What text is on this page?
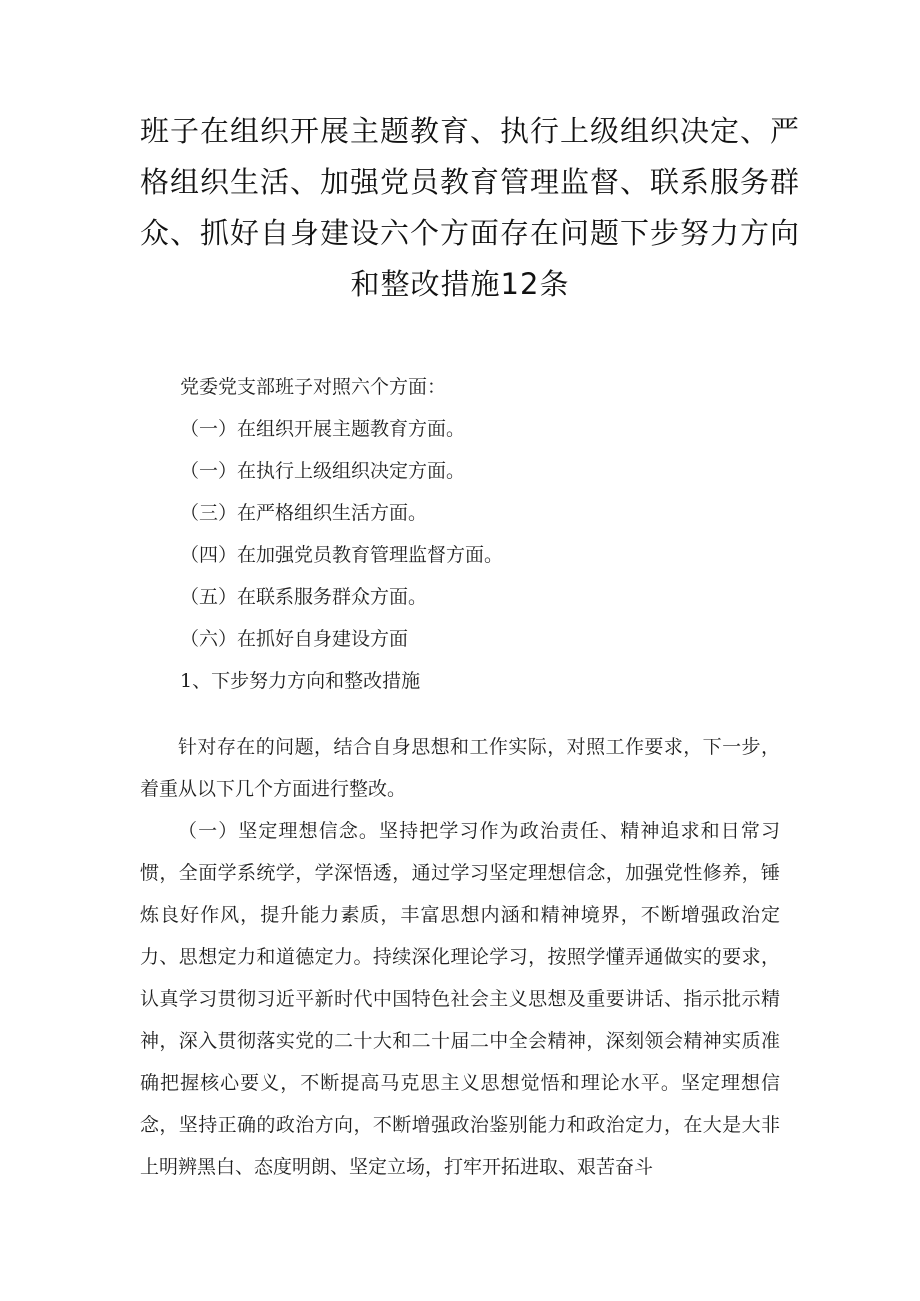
班子在组织开展主题教育、执行上级组织决定、严
格组织生活、加强党员教育管理监督、联系服务群
众、抓好自身建设六个方面存在问题下步努力方向
和整改措施12条
党委党支部班子对照六个方面：
（一）在组织开展主题教育方面。
（一）在执行上级组织决定方面。
（三）在严格组织生活方面。
（四）在加强党员教育管理监督方面。
（五）在联系服务群众方面。
（六）在抓好自身建设方面
1、下步努力方向和整改措施
针对存在的问题，结合自身思想和工作实际，对照工作要求，下一步，着重从以下几个方面进行整改。
（一）坚定理想信念。坚持把学习作为政治责任、精神追求和日常习惯，全面学系统学，学深悟透，通过学习坚定理想信念，加强党性修养，锤炼良好作风，提升能力素质，丰富思想内涵和精神境界，不断增强政治定力、思想定力和道德定力。持续深化理论学习，按照学懂弄通做实的要求，认真学习贯彻习近平新时代中国特色社会主义思想及重要讲话、指示批示精神，深入贯彻落实党的二十大和二十届二中全会精神，深刻领会精神实质准确把握核心要义，不断提高马克思主义思想觉悟和理论水平。坚定理想信念，坚持正确的政治方向，不断增强政治鉴别能力和政治定力，在大是大非上明辨黑白、态度明朗、坚定立场，打牢开拓进取、艰苦奋斗
